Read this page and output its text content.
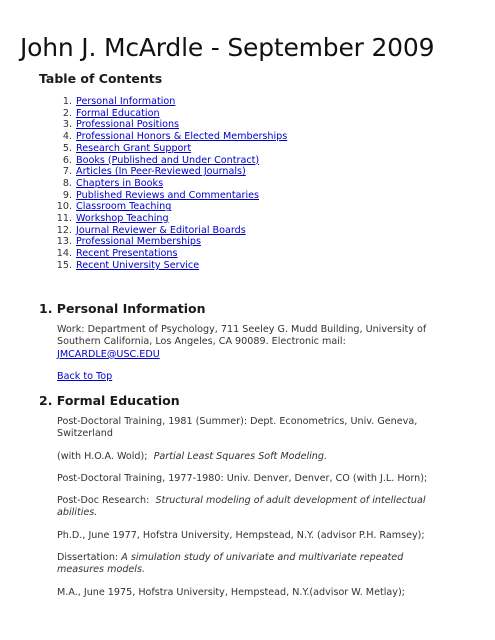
John J. McArdle - September 2009
Table of Contents
1. Personal Information
2. Formal Education
3. Professional Positions
4. Professional Honors & Elected Memberships
5. Research Grant Support
6. Books (Published and Under Contract)
7. Articles (In Peer-Reviewed Journals)
8. Chapters in Books
9. Published Reviews and Commentaries
10. Classroom Teaching
11. Workshop Teaching
12. Journal Reviewer & Editorial Boards
13. Professional Memberships
14. Recent Presentations
15. Recent University Service
1. Personal Information

Work: Department of Psychology, 711 Seeley G. Mudd Building, University of Southern California, Los Angeles, CA 90089. Electronic mail: JMCARDLE@USC.EDU

Back to Top
2. Formal Education

Post-Doctoral Training, 1981 (Summer): Dept. Econometrics, Univ. Geneva, Switzerland

(with H.O.A. Wold); Partial Least Squares Soft Modeling.

Post-Doctoral Training, 1977-1980: Univ. Denver, Denver, CO (with J.L. Horn);

Post-Doc Research: Structural modeling of adult development of intellectual abilities.

Ph.D., June 1977, Hofstra University, Hempstead, N.Y. (advisor P.H. Ramsey);

Dissertation: A simulation study of univariate and multivariate repeated measures models.

M.A., June 1975, Hofstra University, Hempstead, N.Y.(advisor W. Metlay);
